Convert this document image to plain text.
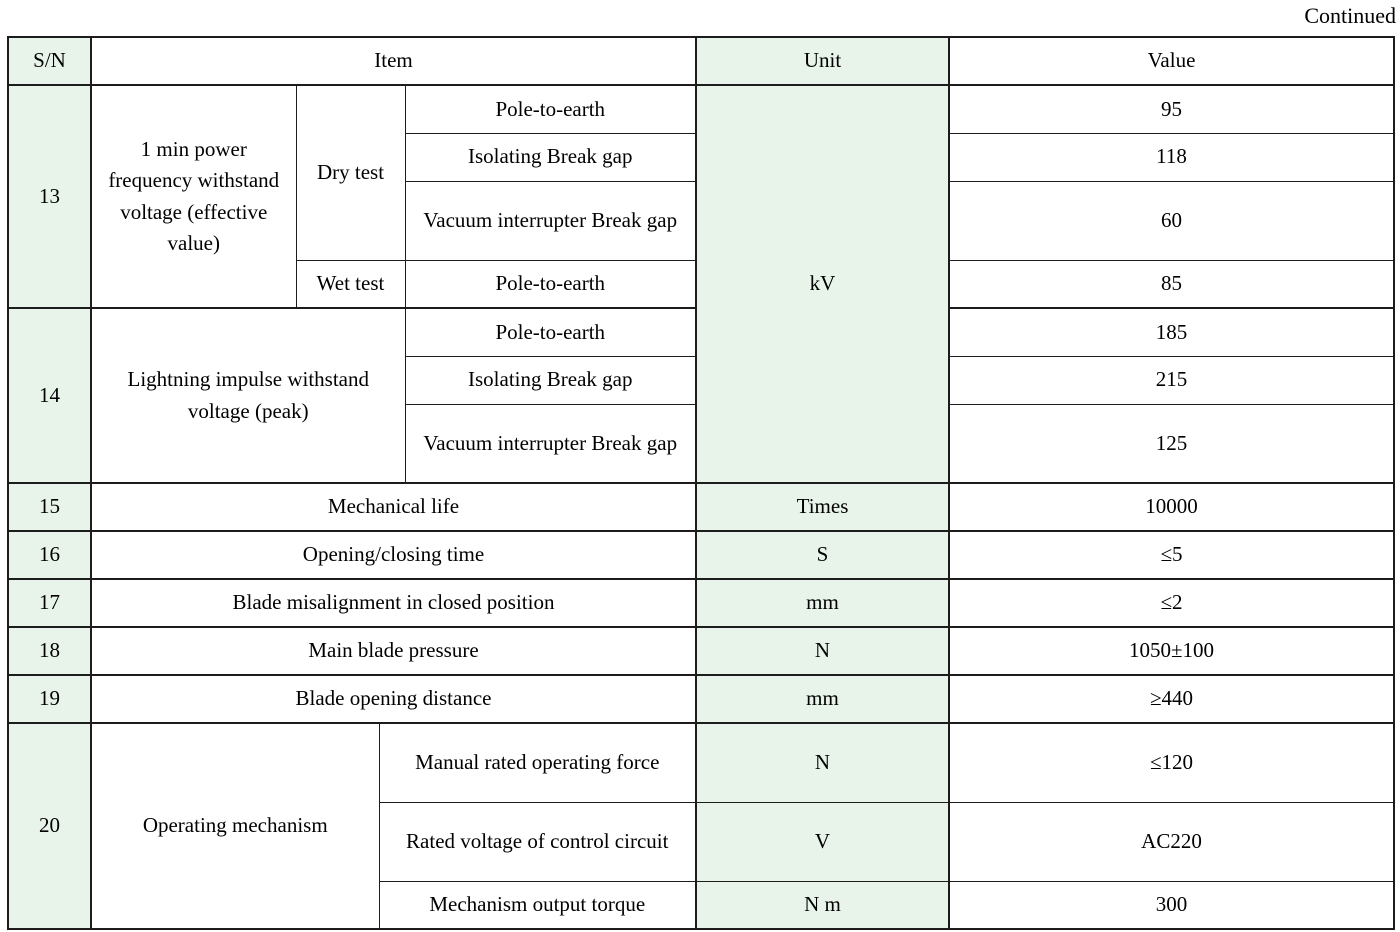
Continued
S/N	Item				Unit	Value
13	1 min power frequency withstand voltage (effective value)	Dry test		Pole-to-earth	kV	95
				Isolating Break gap		118
				Vacuum interrupter Break gap		60
		Wet test		Pole-to-earth		85
14	Lightning impulse withstand voltage (peak)			Pole-to-earth		185
				Isolating Break gap		215
				Vacuum interrupter Break gap		125
15	Mechanical life				Times	10000
16	Opening/closing time				S	≤5
17	Blade misalignment in closed position				mm	≤2
18	Main blade pressure				N	1050±100
19	Blade opening distance				mm	≥440
20	Operating mechanism		Manual rated operating force		N	≤120
			Rated voltage of control circuit		V	AC220
			Mechanism output torque		N m	300
